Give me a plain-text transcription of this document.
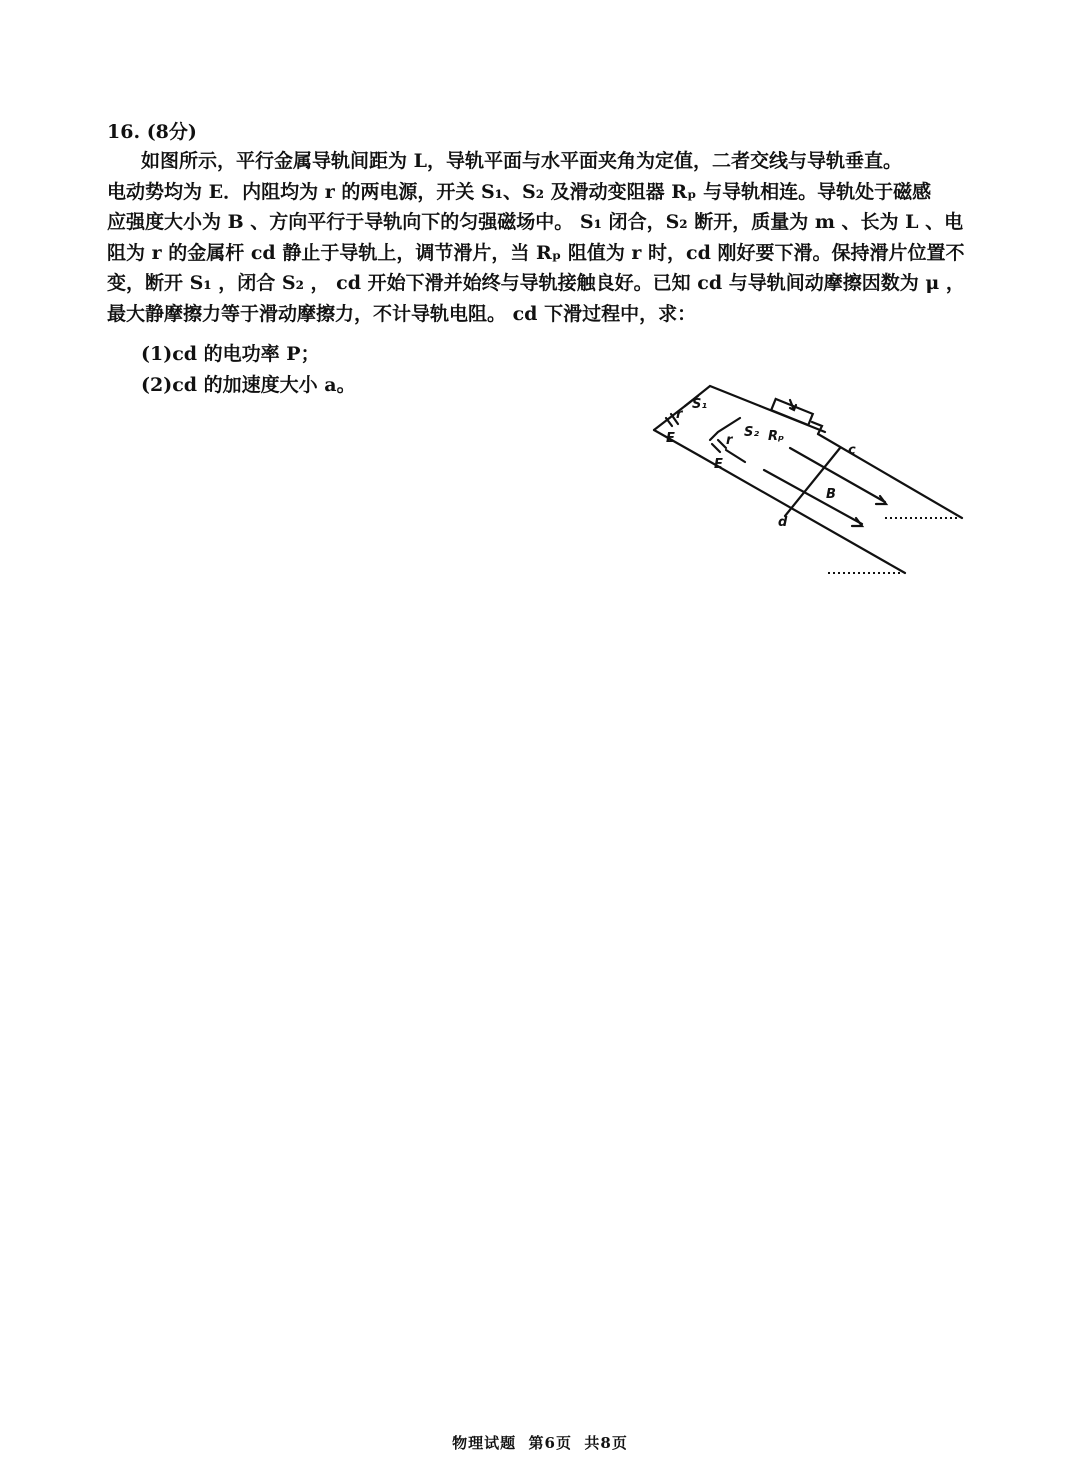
16. (8分)
如图所示，平行金属导轨间距为 L，导轨平面与水平面夹角为定值，二者交线与导轨垂直。
电动势均为 E．内阻均为 r 的两电源，开关 S₁、S₂ 及滑动变阻器 Rₚ 与导轨相连。导轨处于磁感
应强度大小为 B 、方向平行于导轨向下的匀强磁场中。 S₁ 闭合，S₂ 断开，质量为 m 、长为 L 、电
阻为 r 的金属杆 cd 静止于导轨上，调节滑片，当 Rₚ 阻值为 r 时，cd 刚好要下滑。保持滑片位置不
变，断开 S₁ ，闭合 S₂ ， cd 开始下滑并始终与导轨接触良好。已知 cd 与导轨间动摩擦因数为 μ ，
最大静摩擦力等于滑动摩擦力，不计导轨电阻。 cd 下滑过程中，求：
(1)cd 的电功率 P；
(2)cd 的加速度大小 a。
S₁
S₂ Rₚ
E
r
E
r
c
d
B
物理试题  第6页  共8页
